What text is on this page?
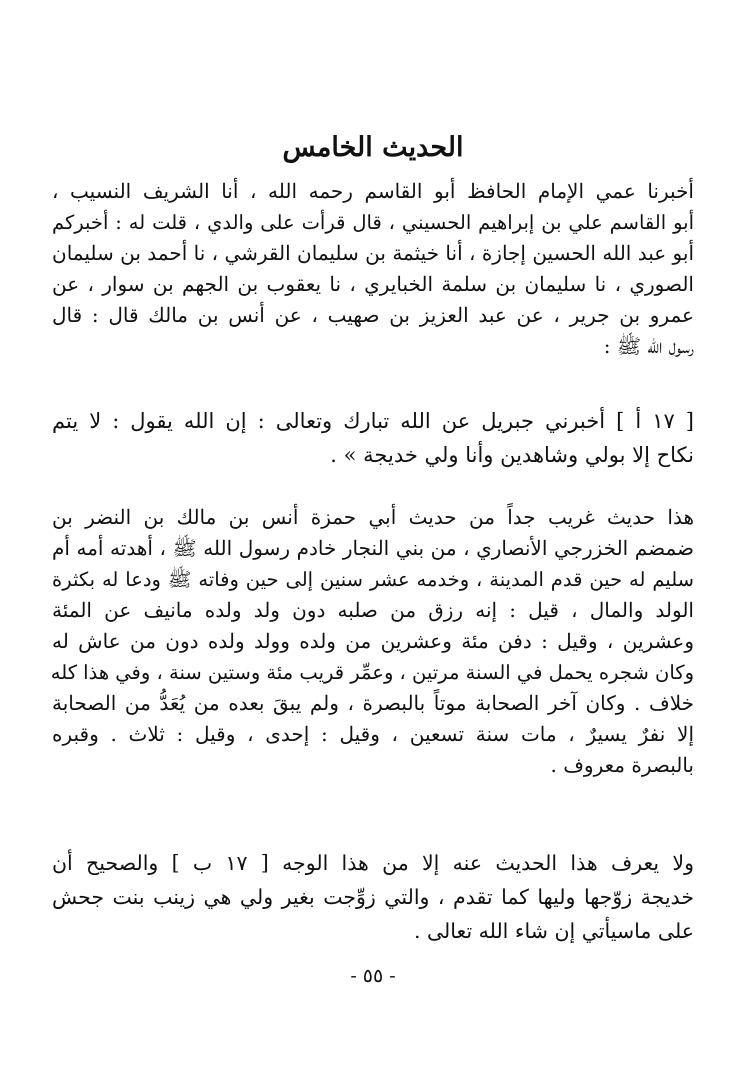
الحديث الخامس
أخبرنا عمي الإمام الحافظ أبو القاسم رحمه الله ، أنا الشريف النسيب ،
أبو القاسم علي بن إبراهيم الحسيني ، قال قرأت على والدي ، قلت له : أخبركم
أبو عبد الله الحسين إجازة ، أنا خيثمة بن سليمان القرشي ، نا أحمد بن سليمان
الصوري ، نا سليمان بن سلمة الخبايري ، نا يعقوب بن الجهم بن سوار ، عن
عمرو بن جرير ، عن عبد العزيز بن صهيب ، عن أنس بن مالك قال : قال
رسول الله ﷺ :
[ ١٧ أ ] أخبرني جبريل عن الله تبارك وتعالى : إن الله يقول : لا يتم
نكاح إلا بولي وشاهدين وأنا ولي خديجة » .
هذا حديث غريب جداً من حديث أبي حمزة أنس بن مالك بن النضر بن
ضمضم الخزرجي الأنصاري ، من بني النجار خادم رسول الله ﷺ ، أهدته أمه أم
سليم له حين قدم المدينة ، وخدمه عشر سنين إلى حين وفاته ﷺ ودعا له بكثرة
الولد والمال ، قيل : إنه رزق من صلبه دون ولد ولده مانيف عن المئة
وعشرين ، وقيل : دفن مئة وعشرين من ولده وولد ولده دون من عاش له
وكان شجره يحمل في السنة مرتين ، وعمِّر قريب مئة وستين سنة ، وفي هذا كله
خلاف . وكان آخر الصحابة موتاً بالبصرة ، ولم يبقَ بعده من يُعَدُّ من الصحابة
إلا نفرٌ يسيرٌ ، مات سنة تسعين ، وقيل : إحدى ، وقيل : ثلاث . وقبره
بالبصرة معروف .
ولا يعرف هذا الحديث عنه إلا من هذا الوجه [ ١٧ ب ] والصحيح أن
خديجة زوّجها وليها كما تقدم ، والتي زوِّجت بغير ولي هي زينب بنت جحش
على ماسيأتي إن شاء الله تعالى .
- ٥٥ -
